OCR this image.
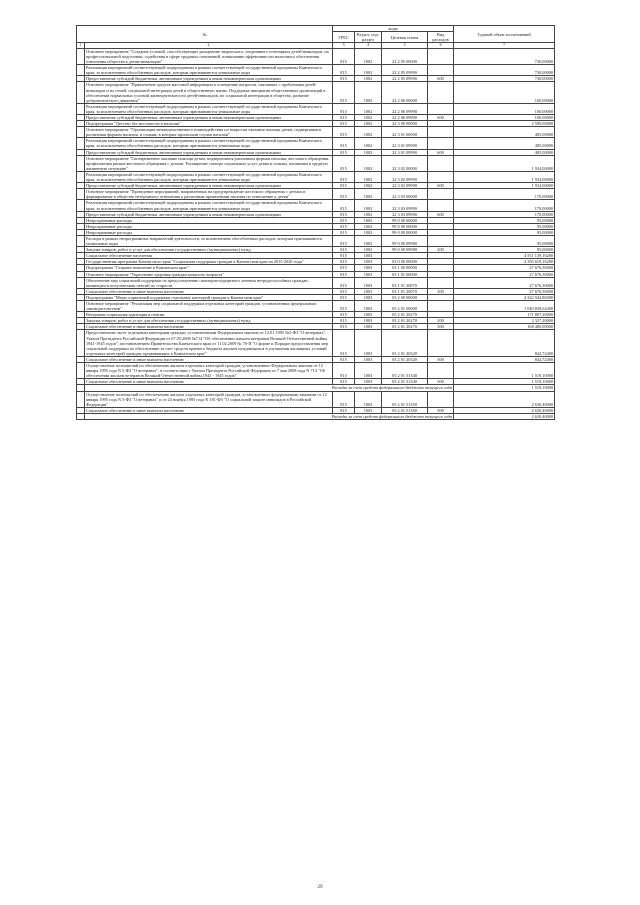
№		коды				Годовой объем ассигнований
		ГРБС	Раздел, под-раздел	Целевая статья	Вид расходов	
1	2	3	4	5	6	7
	Основное мероприятие "Создание условий, способствующих раскрытию творческого, спортивного потенциала детей-инвалидов, их профессиональной подготовки, содействия в сфере трудовых отношений, повышению эффективности налогового обеспечения отношения общества к детям-инвалидам"	815	1002	22 2 05 00000		730,00000
	Реализация мероприятий соответствующей подпрограммы в рамках соответствующей государственной программы Камчатского края, за исключением обособленных расходов, которым присваиваются уникальные коды	815	1002	22 2 05 09990		730,00000
	Предоставление субсидий бюджетным, автономным учреждениям и иным некоммерческим организациям	815	1002	22 2 05 09990	600	730,00000
	Основное мероприятие "Привлечение средств массовой информации к освещению вопросов, связанных с проблемами детей-инвалидов и их семей, социальной интеграции детей в общественную жизнь. Поддержка инициатив общественных организаций в обеспечении нормальных условий жизнедеятельности детей-инвалидов, их социальной интеграции в общество, развитие добровольческого движения"	815	1002	22 2 06 00000		100,00000
	Реализация мероприятий соответствующей подпрограммы в рамках соответствующей государственной программы Камчатского края, за исключением обособленных расходов, которым присваиваются уникальные коды	815	1002	22 2 06 09990		100,00000
	Предоставление субсидий бюджетным, автономным учреждениям и иным некоммерческим организациям	815	1002	22 2 06 09990	600	100,00000
	Подпрограмма "Детство без жестокости и насилия"	815	1002	22 3 00 00000		2 509,00000
	Основное мероприятие "Организация межведомственного взаимодействия по вопросам оказания помощи детям, подвергшимся различным формам насилия, и семьям, в которых произошли случаи насилия"	815	1002	22 3 01 00000		485,00000
	Реализация мероприятий соответствующей подпрограммы в рамках соответствующей государственной программы Камчатского края, за исключением обособленных расходов, которым присваиваются уникальные коды	815	1002	22 3 01 09990		485,00000
	Предоставление субсидий бюджетным, автономным учреждениям и иным некоммерческим организациям	815	1002	22 3 01 09990	600	485,00000
	Основное мероприятие "Своевременное оказание помощи детям, подвергшимся различным формам насилия, жестокого обращения, профилактика рисков жестокого обращения с детьми. Расширение спектра социальных услуг детям и семьям, попавшим в трудную жизненную ситуацию"	815	1002	22 3 02 00000		1 934,00000
	Реализация мероприятий соответствующей подпрограммы в рамках соответствующей государственной программы Камчатского края, за исключением обособленных расходов, которым присваиваются уникальные коды	815	1002	22 3 02 09990		1 934,00000
	Предоставление субсидий бюджетным, автономным учреждениям и иным некоммерческим организациям	815	1002	22 3 02 09990	600	1 934,00000
	Основное мероприятие "Проведение мероприятий, направленных на предупреждение жестокого обращения с детьми и формирование в обществе нетерпимого отношения к различным проявлениям насилия по отношению к детям"	815	1002	22 3 03 00000		170,00000
	Реализация мероприятий соответствующей подпрограммы в рамках соответствующей государственной программы Камчатского края, за исключением обособленных расходов, которым присваиваются уникальные коды	815	1002	22 3 03 09990		170,00000
	Предоставление субсидий бюджетным, автономным учреждениям и иным некоммерческим организациям	815	1002	22 3 03 09990	600	170,00000
	Непрограммные расходы	815	1002	99 0 00 00000		95,00000
	Непрограммные расходы	815	1002	99 0 00 00000		95,00000
	Непрограммные расходы	815	1002	99 0 00 00000		95,00000
	Расходы в рамках непрограммных направлений деятельности, за исключением обособленных расходов, которым присваиваются уникальные коды	815	1002	99 0 00 09980		95,00000
	Закупка товаров, работ и услуг для обеспечения государственных (муниципальных) нужд	815	1002	99 0 00 09980	200	95,00000
	Социальное обеспечение населения	815	1003			4 551 139,16280
	Государственная программа Камчатского края "Социальная поддержка граждан в Камчатском крае на 2015-2020 годы"	815	1003	03 0 00 00000		4 350 619,16280
	Подпрограмма "Старшее поколение в Камчатском крае"	815	1003	03 1 00 00000		27 676,30000
	Основное мероприятие "Укрепление здоровья граждан пожилого возраста"	815	1003	03 1 01 00000		27 676,30000
	Обеспечение мер социальной поддержки по предоставлению санаторно-курортного лечения нетрудоспособных граждан, являющихся получателями пенсий по старости	815	1003	03 1 01 20070		27 676,30000
	Социальное обеспечение и иные выплаты населению	815	1003	03 1 01 20070	300	27 676,30000
	Подпрограмма "Меры социальной поддержки отдельных категорий граждан в Камчатском крае"	815	1003	03 2 00 00000		4 322 942,86580
	Основное мероприятие "Реализация мер социальной поддержки отдельных категорий граждан, установленных федеральным законодательством"	815	1003	03 2 01 00000		1 040 838,02400
	Ветеранам социальная адаптация в пенсии	815	1003	03 2 01 20270		171 807,20000
	Закупка товаров, работ и услуг для обеспечения государственных (муниципальных) нужд	815	1003	03 2 01 20270	200	2 327,20000
	Социальное обеспечение и иные выплаты населению	815	1003	03 2 01 20270	300	168 480,00000
	Предоставление льгот отдельным категориям граждан, установленным Федеральным законом от 12.01.1995 №5-ФЗ "О ветеранах", Указом Президента Российской Федерации от 07.05.2008 №714 "Об обеспечении жильем ветеранов Великой Отечественной войны 1941-1945 годов", постановлением Правительства Камчатского края от 11.02.2009 № 70-П "О форме и Порядке предоставления мер социальной поддержки по обеспечению за счет средств краевого бюджета жильем нуждающихся в улучшении жилищных условий отдельных категорий граждан, проживающих в Камчатском крае"	815	1003	03 2 01 20320		842,72400
	Социальное обеспечение и иные выплаты населению	815	1003	03 2 01 20320	300	842,72400
	Осуществление полномочий по обеспечению жильем отдельных категорий граждан, установленных Федеральным законом от 12 января 1995 года N 5-ФЗ "О ветеранах", в соответствии с Указом Президента Российской Федерации от 7 мая 2008 года N 714 "Об обеспечении жильем ветеранов Великой Отечественной войны 1941 - 1945 годов"	815	1003	03 2 01 51340		1 519,10000
	Социальное обеспечение и иные выплаты населению	815	1003	03 2 01 51340	300	1 519,10000
	Расходы за счет средств федерального бюджета текущего года					1 519,10000
	Осуществление полномочий по обеспечению жильем отдельных категорий граждан, установленных федеральными законами от 12 января 1995 года N 5-ФЗ "О ветеранах" и от 24 ноября 1995 года N 181-ФЗ "О социальной защите инвалидов в Российской Федерации"	815	1003	03 2 01 51350		2 630,40000
	Социальное обеспечение и иные выплаты населению	815	1003	03 2 01 51350	300	2 630,40000
	Расходы за счет средств федерального бюджета текущего года					2 630,40000
29
